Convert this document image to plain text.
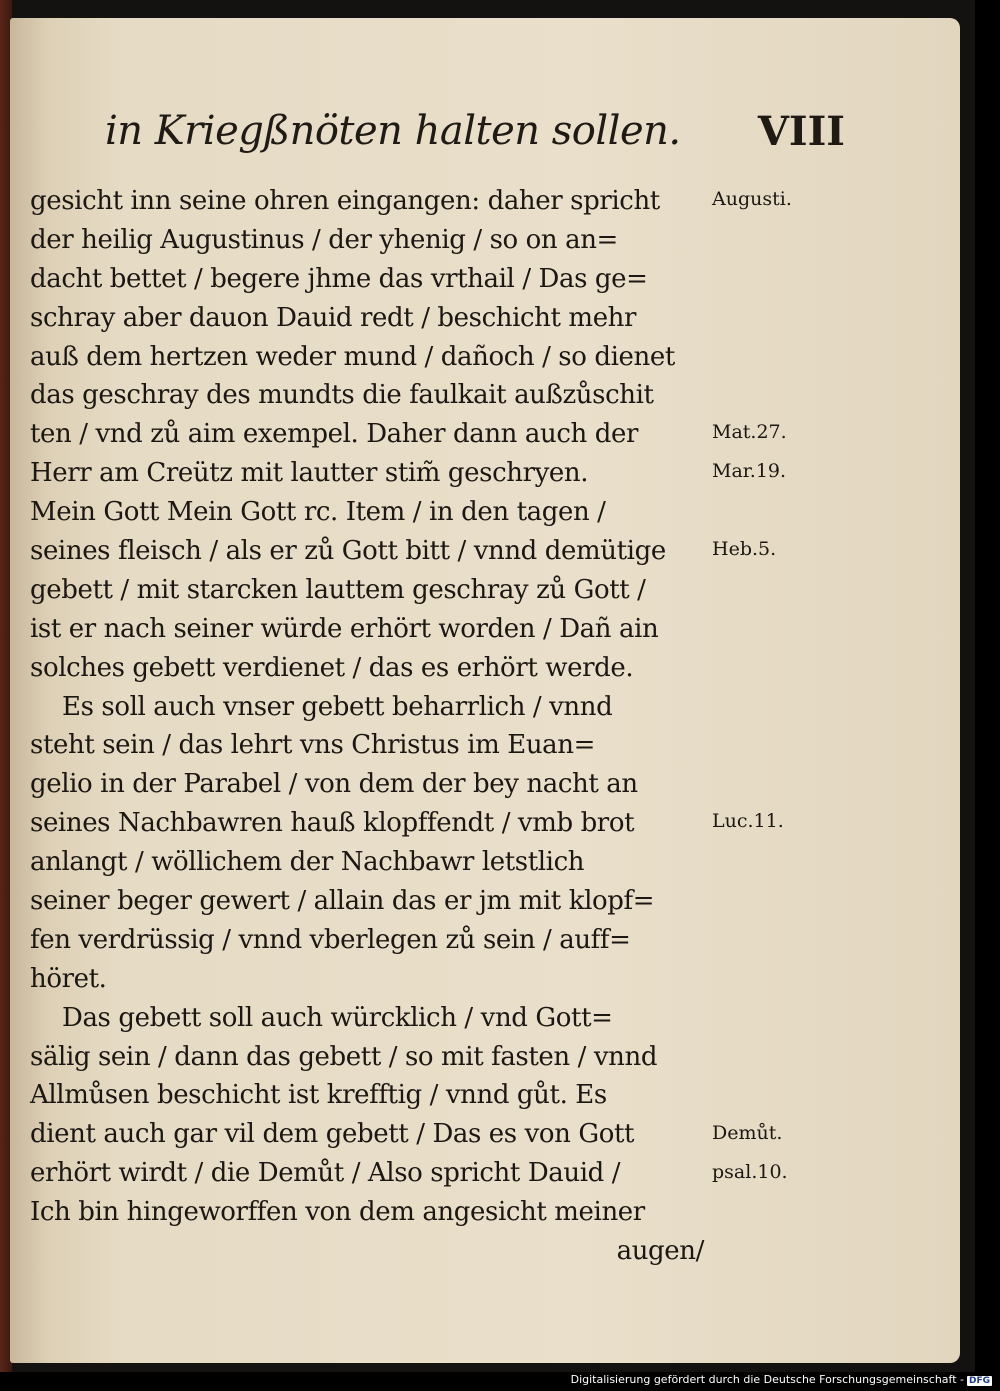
in Kriegßnöten halten sollen. VIII
gesicht inn seine ohren eingangen: daher spricht
der heilig Augustinus / der yhenig / so on an=
dacht bettet / begere jhme das vrthail / Das ge=
schray aber dauon Dauid redt / beschicht mehr
auß dem hertzen weder mund / dañoch / so dienet
das geschray des mundts die faulkait außzůschit
ten / vnd zů aim exempel. Daher dann auch der
Herr am Creütz mit lautter stim̃ geschryen.
Mein Gott Mein Gott rc. Item / in den tagen /
seines fleisch / als er zů Gott bitt / vnnd demütige
gebett / mit starcken lauttem geschray zů Gott /
ist er nach seiner würde erhört worden / Dañ ain
solches gebett verdienet / das es erhört werde.
Es soll auch vnser gebett beharrlich / vnnd
steht sein / das lehrt vns Christus im Euan=
gelio in der Parabel / von dem der bey nacht an
seines Nachbawren hauß klopffendt / vmb brot
anlangt / wöllichem der Nachbawr letstlich
seiner beger gewert / allain das er jm mit klopf=
fen verdrüssig / vnnd vberlegen zů sein / auff=
höret.
Das gebett soll auch würcklich / vnd Gott=
sälig sein / dann das gebett / so mit fasten / vnnd
Allmůsen beschicht ist krefftig / vnnd gůt. Es
dient auch gar vil dem gebett / Das es von Gott
erhört wirdt / die Demůt / Also spricht Dauid /
Ich bin hingeworffen von dem angesicht meiner
augen/
Augusti.
Mat.27.
Mar.19.
Heb.5.
Luc.11.
Demůt.
psal.10.
Digitalisierung gefördert durch die Deutsche Forschungsgemeinschaft - DFG
